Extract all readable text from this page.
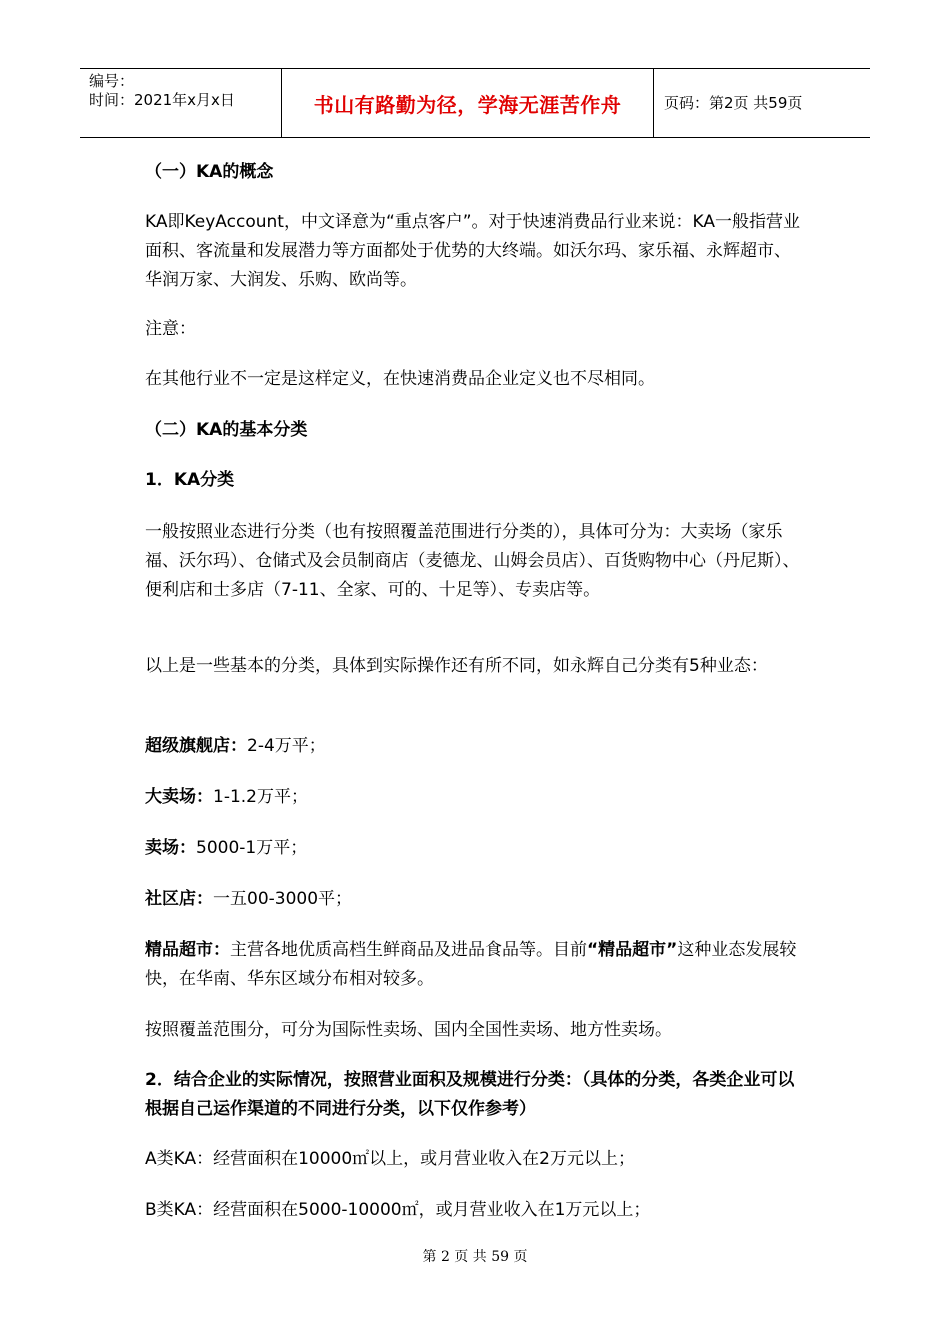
编号：
时间：2021年x月x日	书山有路勤为径，学海无涯苦作舟	页码：第2页 共59页

（一）KA的概念

KA即KeyAccount，中文译意为“重点客户”。对于快速消费品行业来说：KA一般指营业面积、客流量和发展潜力等方面都处于优势的大终端。如沃尔玛、家乐福、永辉超市、华润万家、大润发、乐购、欧尚等。

注意：

在其他行业不一定是这样定义，在快速消费品企业定义也不尽相同。

（二）KA的基本分类

1．KA分类

一般按照业态进行分类（也有按照覆盖范围进行分类的），具体可分为：大卖场（家乐福、沃尔玛）、仓储式及会员制商店（麦德龙、山姆会员店）、百货购物中心（丹尼斯）、便利店和士多店（7-11、全家、可的、十足等）、专卖店等。

以上是一些基本的分类，具体到实际操作还有所不同，如永辉自己分类有5种业态：

超级旗舰店：2-4万平；

大卖场：1-1.2万平；

卖场：5000-1万平；

社区店：一五00-3000平；

精品超市：主营各地优质高档生鲜商品及进品食品等。目前“精品超市”这种业态发展较快，在华南、华东区域分布相对较多。

按照覆盖范围分，可分为国际性卖场、国内全国性卖场、地方性卖场。

2．结合企业的实际情况，按照营业面积及规模进行分类：（具体的分类，各类企业可以根据自己运作渠道的不同进行分类，以下仅作参考）

A类KA：经营面积在10000㎡以上，或月营业收入在2万元以上；

B类KA：经营面积在5000-10000㎡，或月营业收入在1万元以上；

第 2 页 共 59 页
